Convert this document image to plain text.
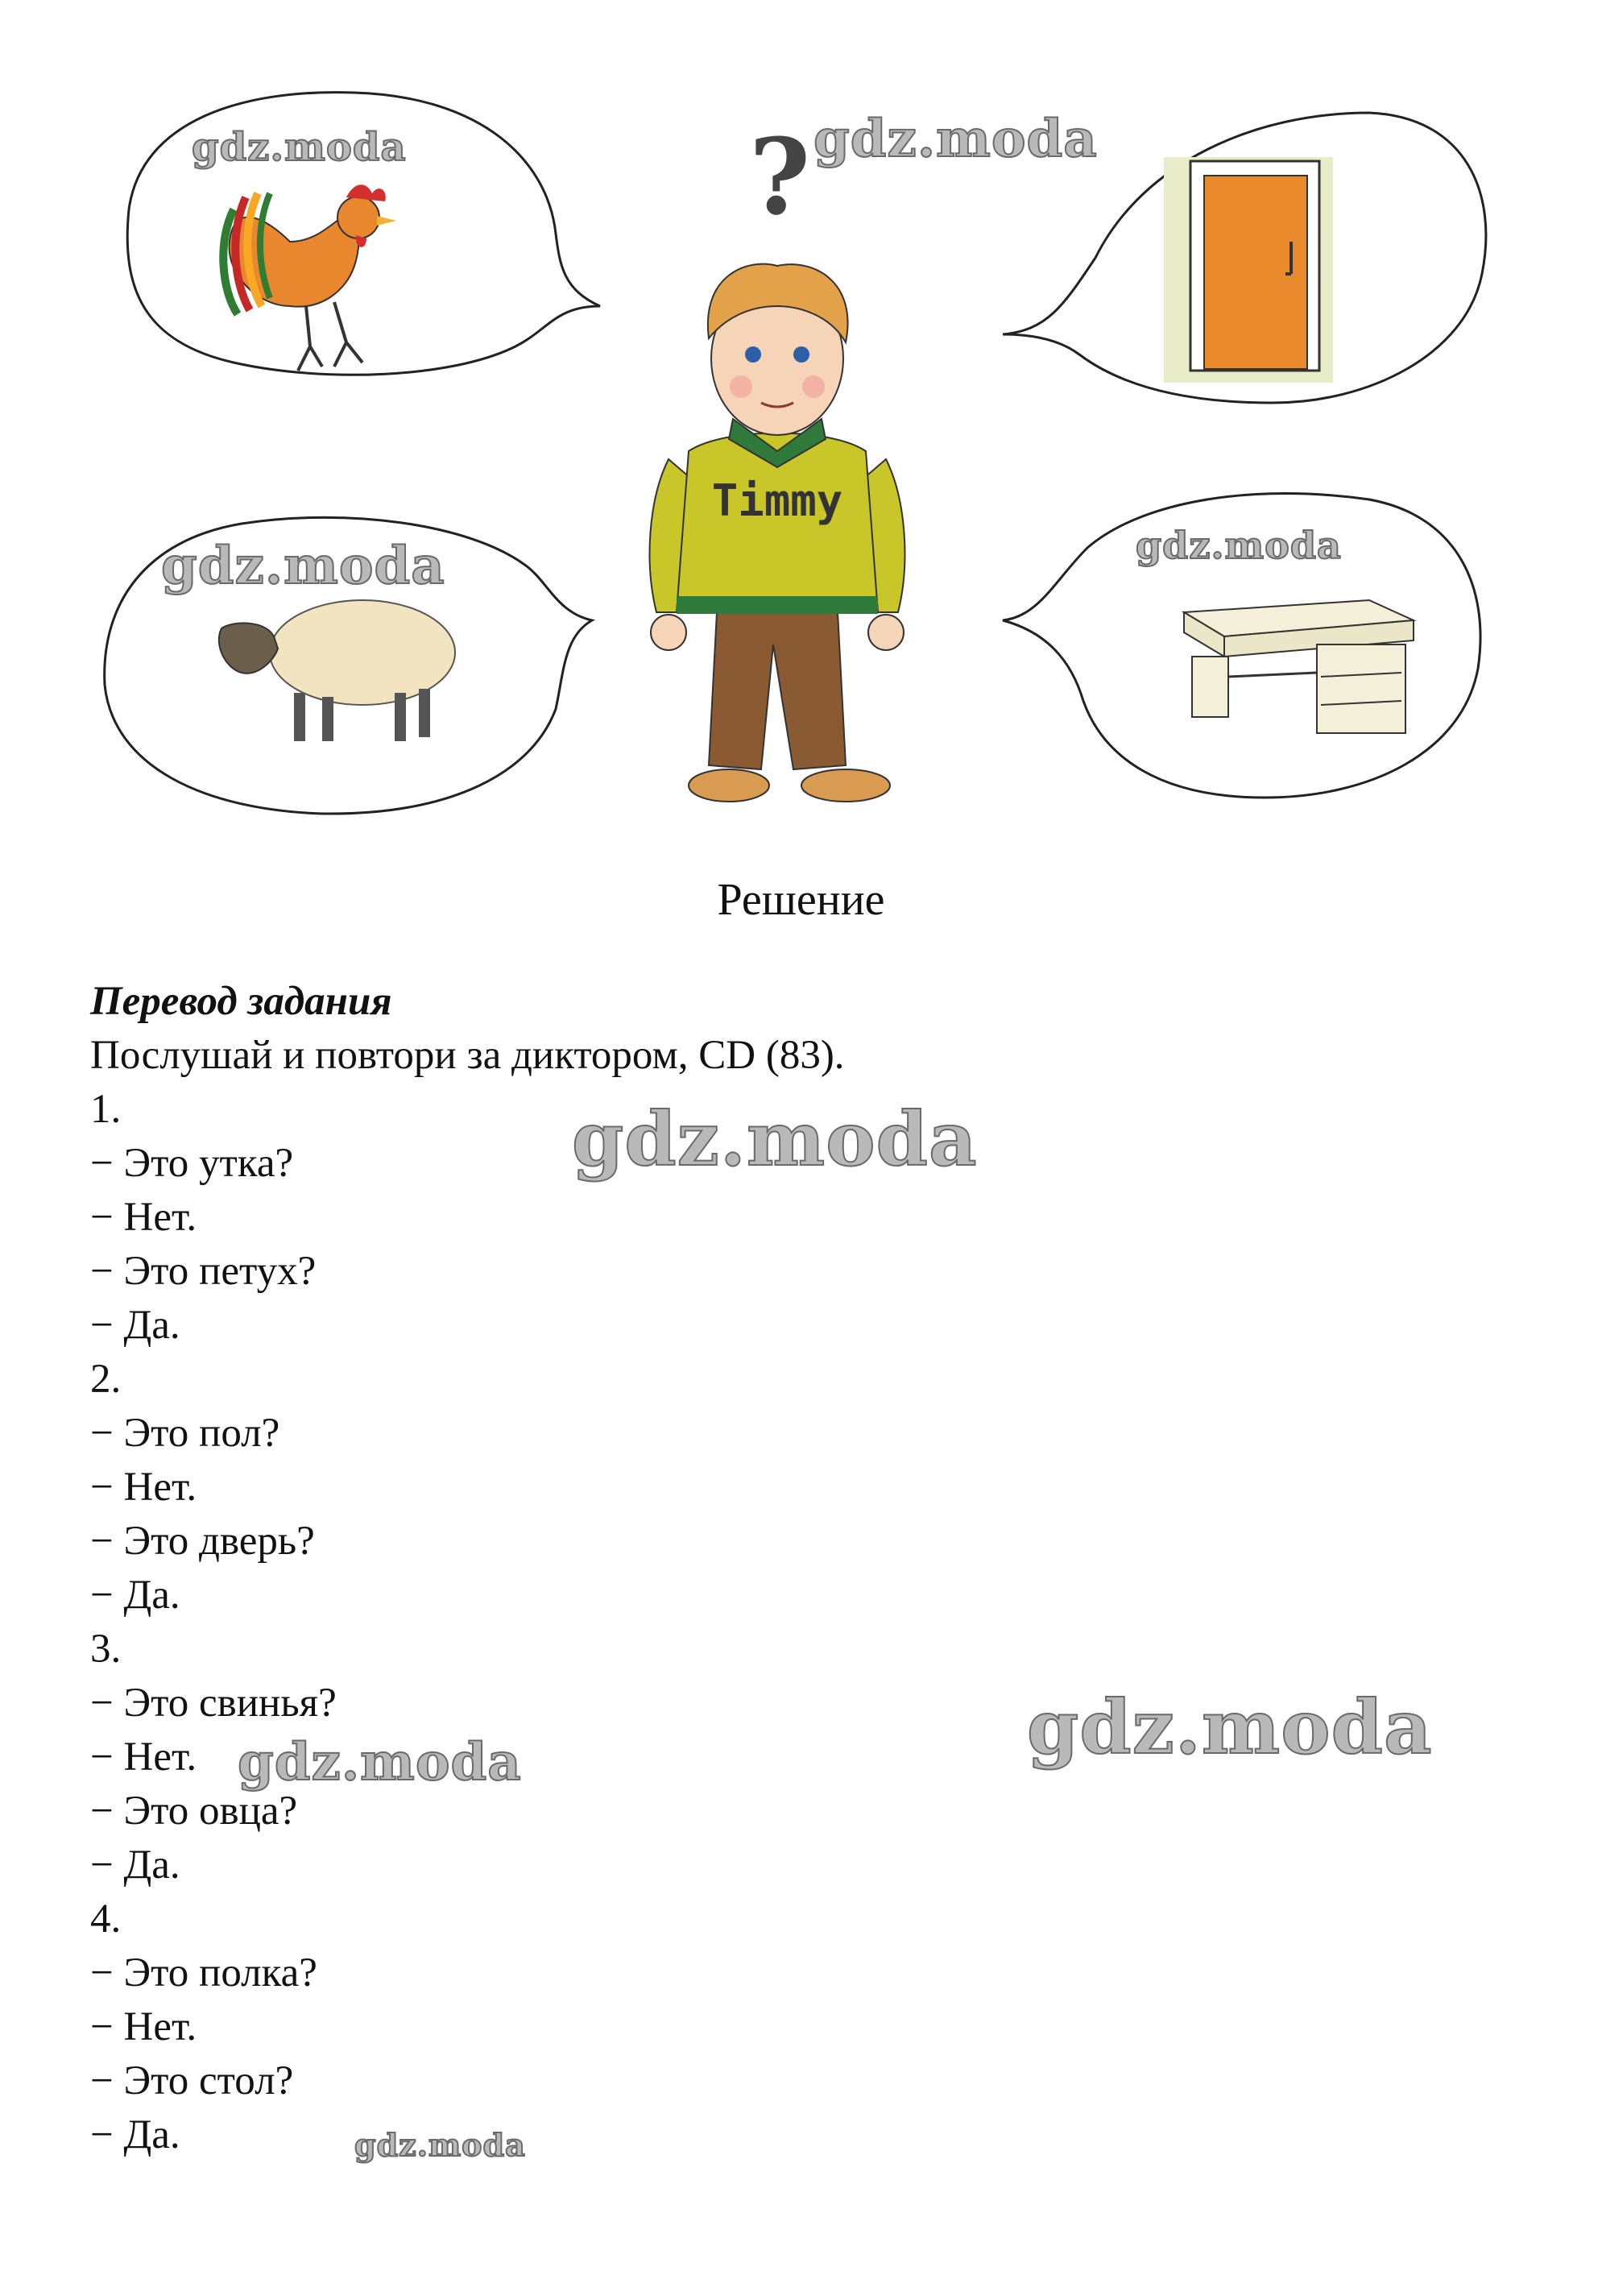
?
Timmy
gdz.moda	gdz.moda
gdz.moda	gdz.moda
gdz.moda
gdz.moda
gdz.moda
gdz.moda
Решение
Перевод задания
Послушай и повтори за диктором, CD (83).
1.
− Это утка?
− Нет.
− Это петух?
− Да.
2.
− Это пол?
− Нет.
− Это дверь?
− Да.
3.
− Это свинья?
− Нет.
− Это овца?
− Да.
4.
− Это полка?
− Нет.
− Это стол?
− Да.
